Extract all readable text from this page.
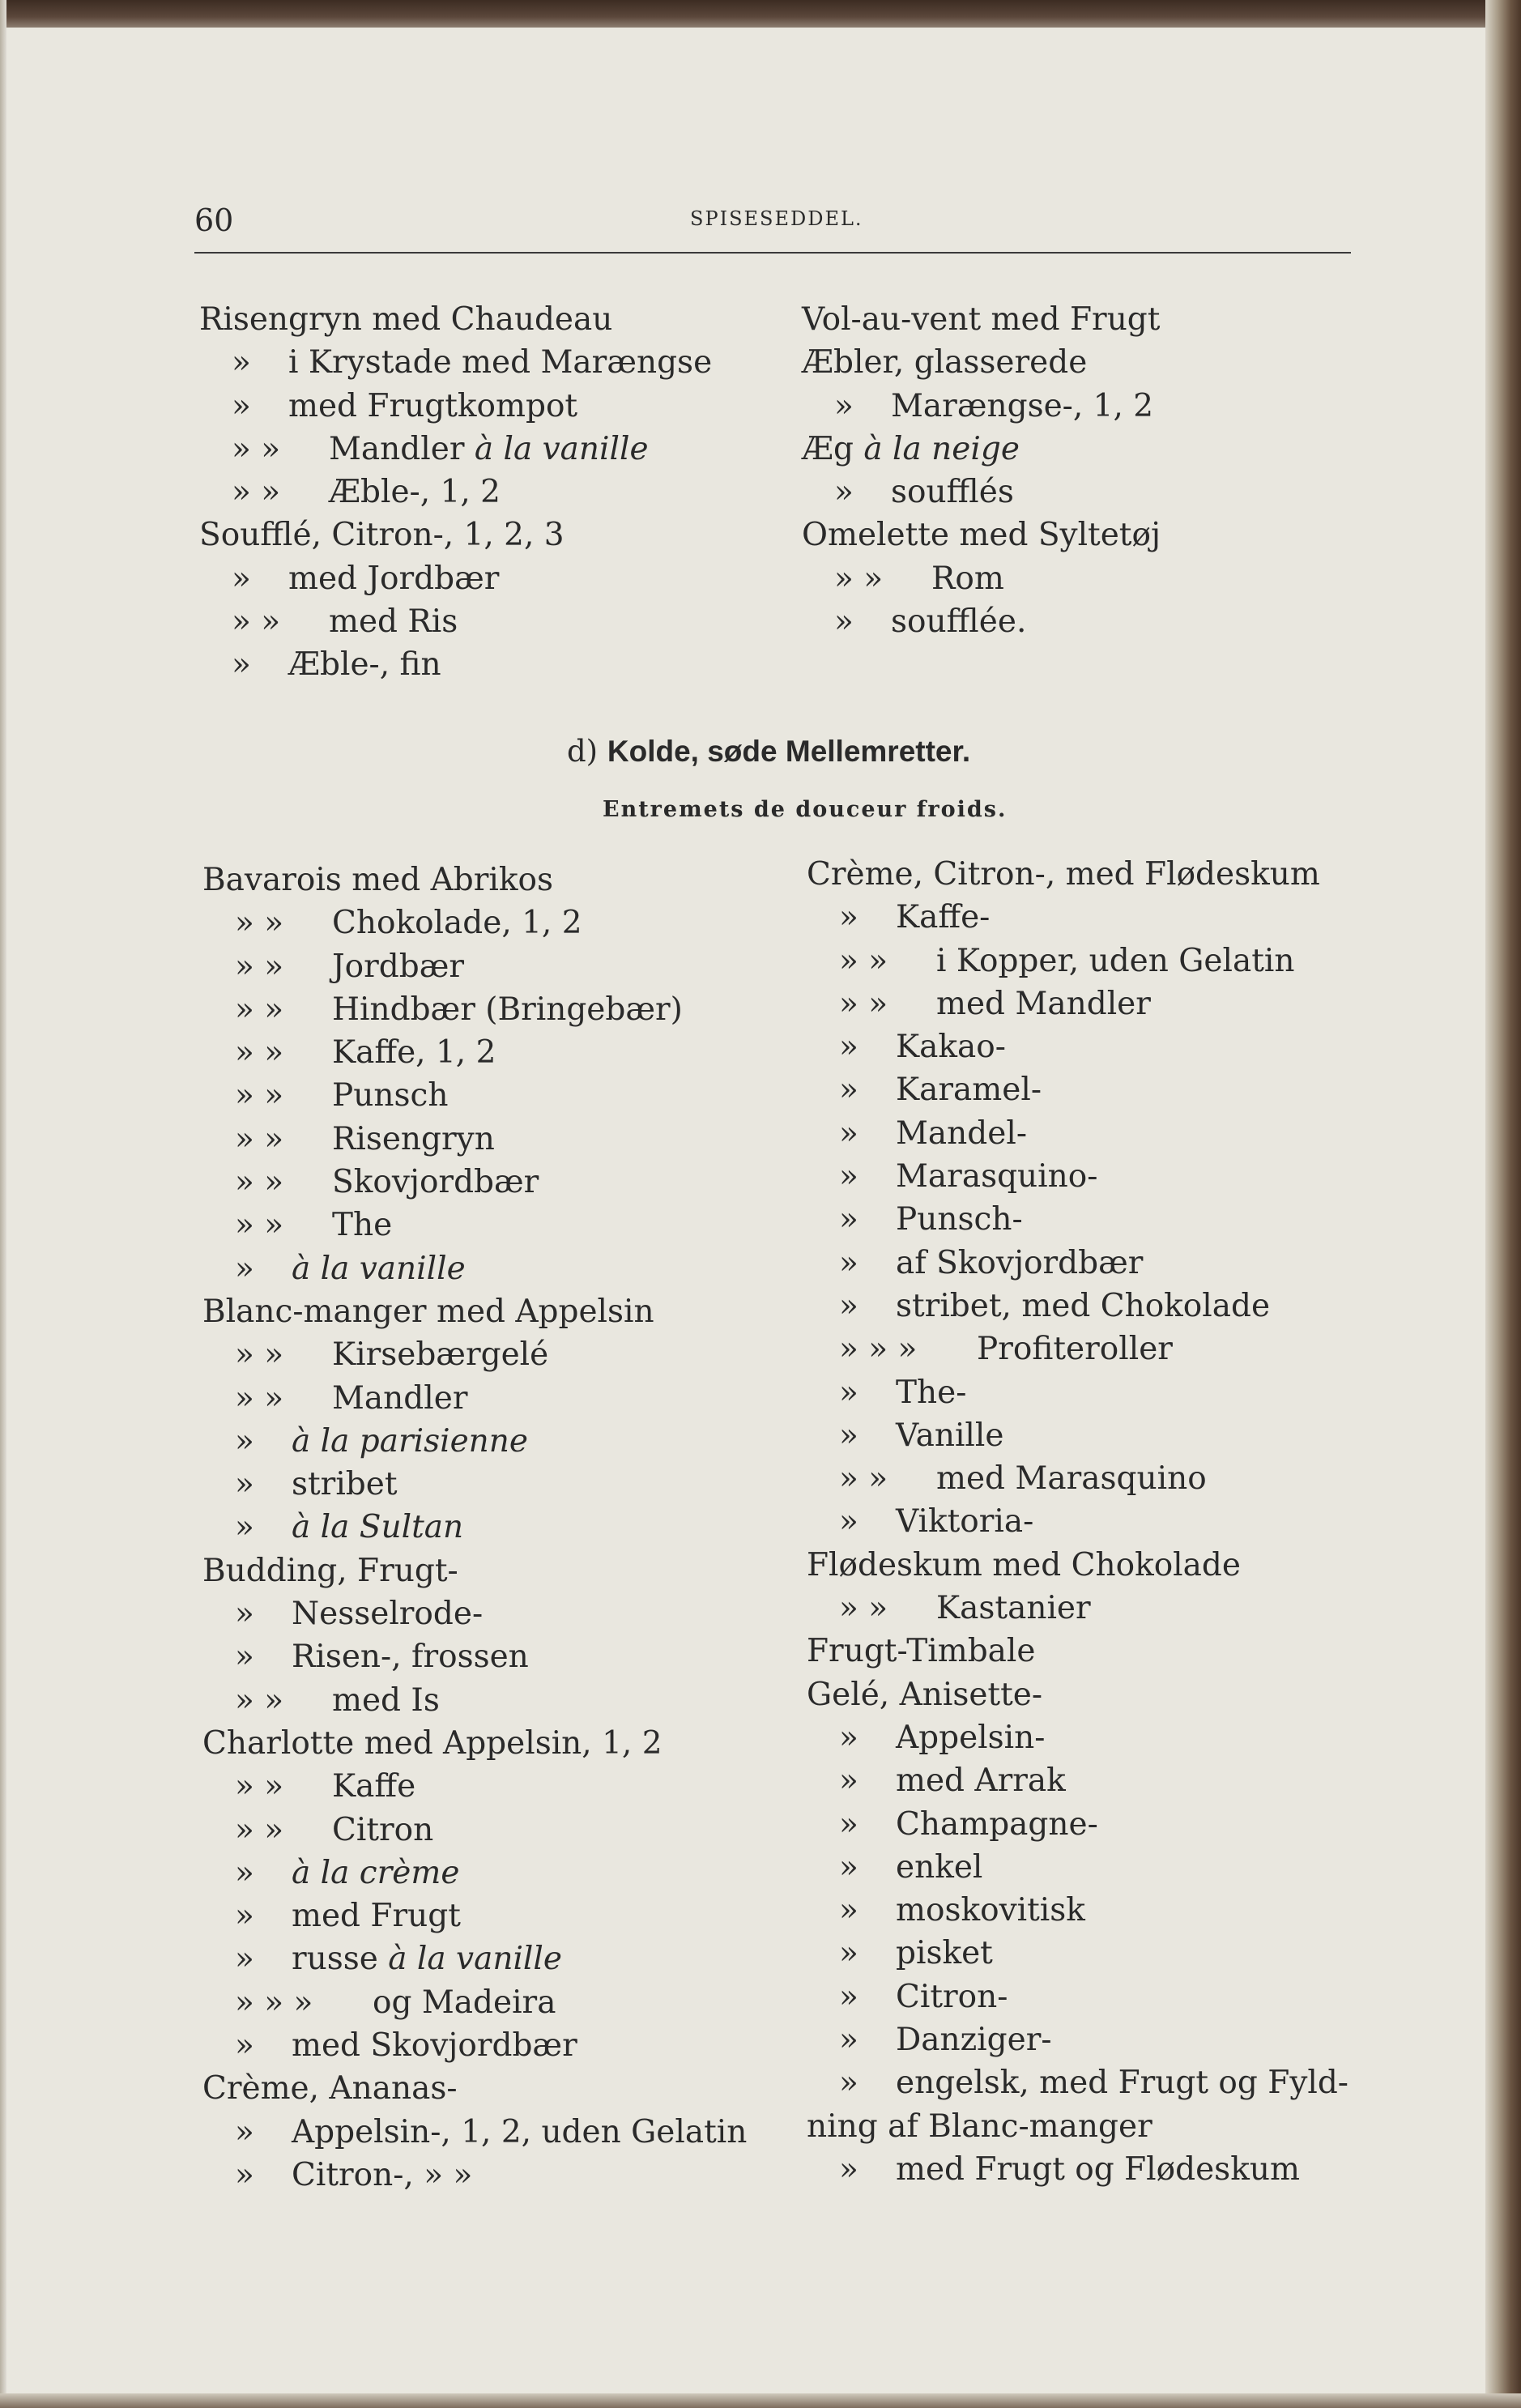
60	SPISESEDDEL.
Risengryn med Chaudeau
» i Krystade med Marængse
» med Frugtkompot
» » Mandler à la vanille
» » Æble-, 1, 2
Soufflé, Citron-, 1, 2, 3
» med Jordbær
» » med Ris
» Æble-, fin
Vol-au-vent med Frugt
Æbler, glasserede
» Marængse-, 1, 2
Æg à la neige
» soufflés
Omelette med Syltetøj
» » Rom
» soufflée.
d) Kolde, søde Mellemretter.
Entremets de douceur froids.
Bavarois med Abrikos
» » Chokolade, 1, 2
» » Jordbær
» » Hindbær (Bringebær)
» » Kaffe, 1, 2
» » Punsch
» » Risengryn
» » Skovjordbær
» » The
» à la vanille
Blanc-manger med Appelsin
» » Kirsebærgelé
» » Mandler
» à la parisienne
» stribet
» à la Sultan
Budding, Frugt-
» Nesselrode-
» Risen-, frossen
» » med Is
Charlotte med Appelsin, 1, 2
» » Kaffe
» » Citron
» à la crème
» med Frugt
» russe à la vanille
» » » og Madeira
» med Skovjordbær
Crème, Ananas-
» Appelsin-, 1, 2, uden Gelatin
» Citron-, » »
Crème, Citron-, med Flødeskum
» Kaffe-
» » i Kopper, uden Gelatin
» » med Mandler
» Kakao-
» Karamel-
» Mandel-
» Marasquino-
» Punsch-
» af Skovjordbær
» stribet, med Chokolade
» » » Profiteroller
» The-
» Vanille
» » med Marasquino
» Viktoria-
Flødeskum med Chokolade
» » Kastanier
Frugt-Timbale
Gelé, Anisette-
» Appelsin-
» med Arrak
» Champagne-
» enkel
» moskovitisk
» pisket
» Citron-
» Danziger-
» engelsk, med Frugt og Fyld-
ning af Blanc-manger
» med Frugt og Flødeskum
